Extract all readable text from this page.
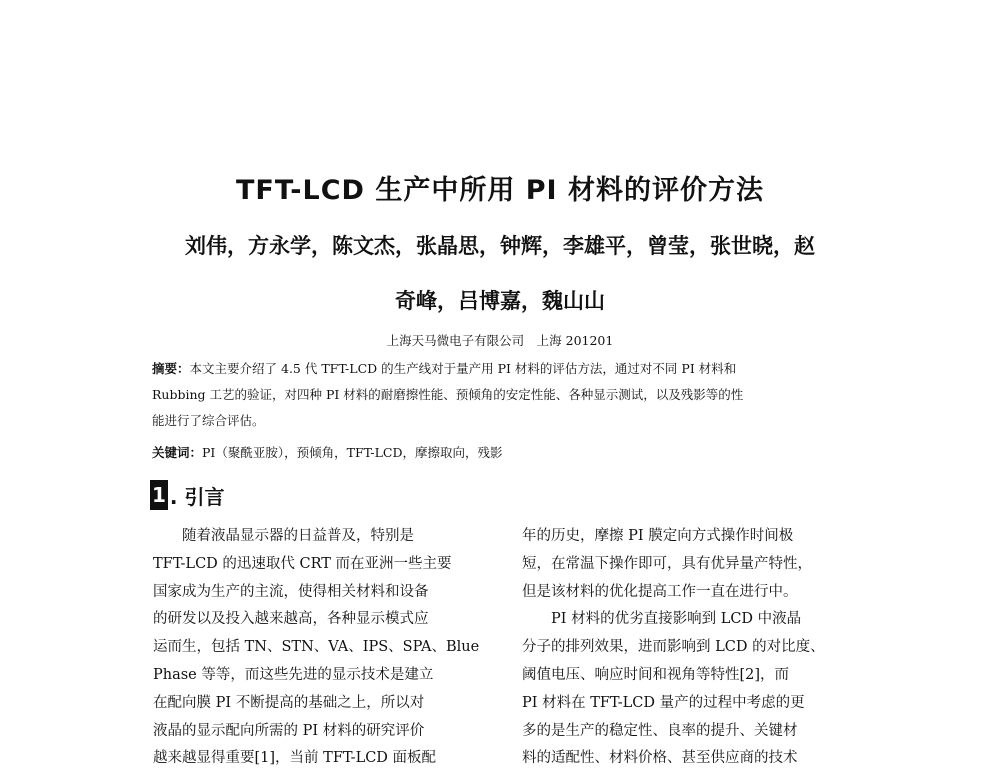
TFT-LCD 生产中所用 PI 材料的评价方法
刘伟，方永学，陈文杰，张晶思，钟辉，李雄平，曾莹，张世晓，赵
奇峰，吕博嘉，魏山山
上海天马微电子有限公司　上海 201201
摘要：本文主要介绍了 4.5 代 TFT-LCD 的生产线对于量产用 PI 材料的评估方法，通过对不同 PI 材料和
Rubbing 工艺的验证，对四种 PI 材料的耐磨擦性能、预倾角的安定性能、各种显示测试，以及残影等的性
能进行了综合评估。
关键词：PI（聚酰亚胺），预倾角，TFT-LCD，摩擦取向，残影
1 . 引言
　　随着液晶显示器的日益普及，特别是
TFT-LCD 的迅速取代 CRT 而在亚洲一些主要
国家成为生产的主流，使得相关材料和设备
的研发以及投入越来越高，各种显示模式应
运而生，包括 TN、STN、VA、IPS、SPA、Blue
Phase 等等，而这些先进的显示技术是建立
在配向膜 PI 不断提高的基础之上，所以对
液晶的显示配向所需的 PI 材料的研究评价
越来越显得重要[1]，当前 TFT-LCD 面板配
年的历史，摩擦 PI 膜定向方式操作时间极
短，在常温下操作即可，具有优异量产特性，
但是该材料的优化提高工作一直在进行中。
　　PI 材料的优劣直接影响到 LCD 中液晶
分子的排列效果，进而影响到 LCD 的对比度、
阈值电压、响应时间和视角等特性[2]，而
PI 材料在 TFT-LCD 量产的过程中考虑的更
多的是生产的稳定性、良率的提升、关键材
料的适配性、材料价格、甚至供应商的技术
